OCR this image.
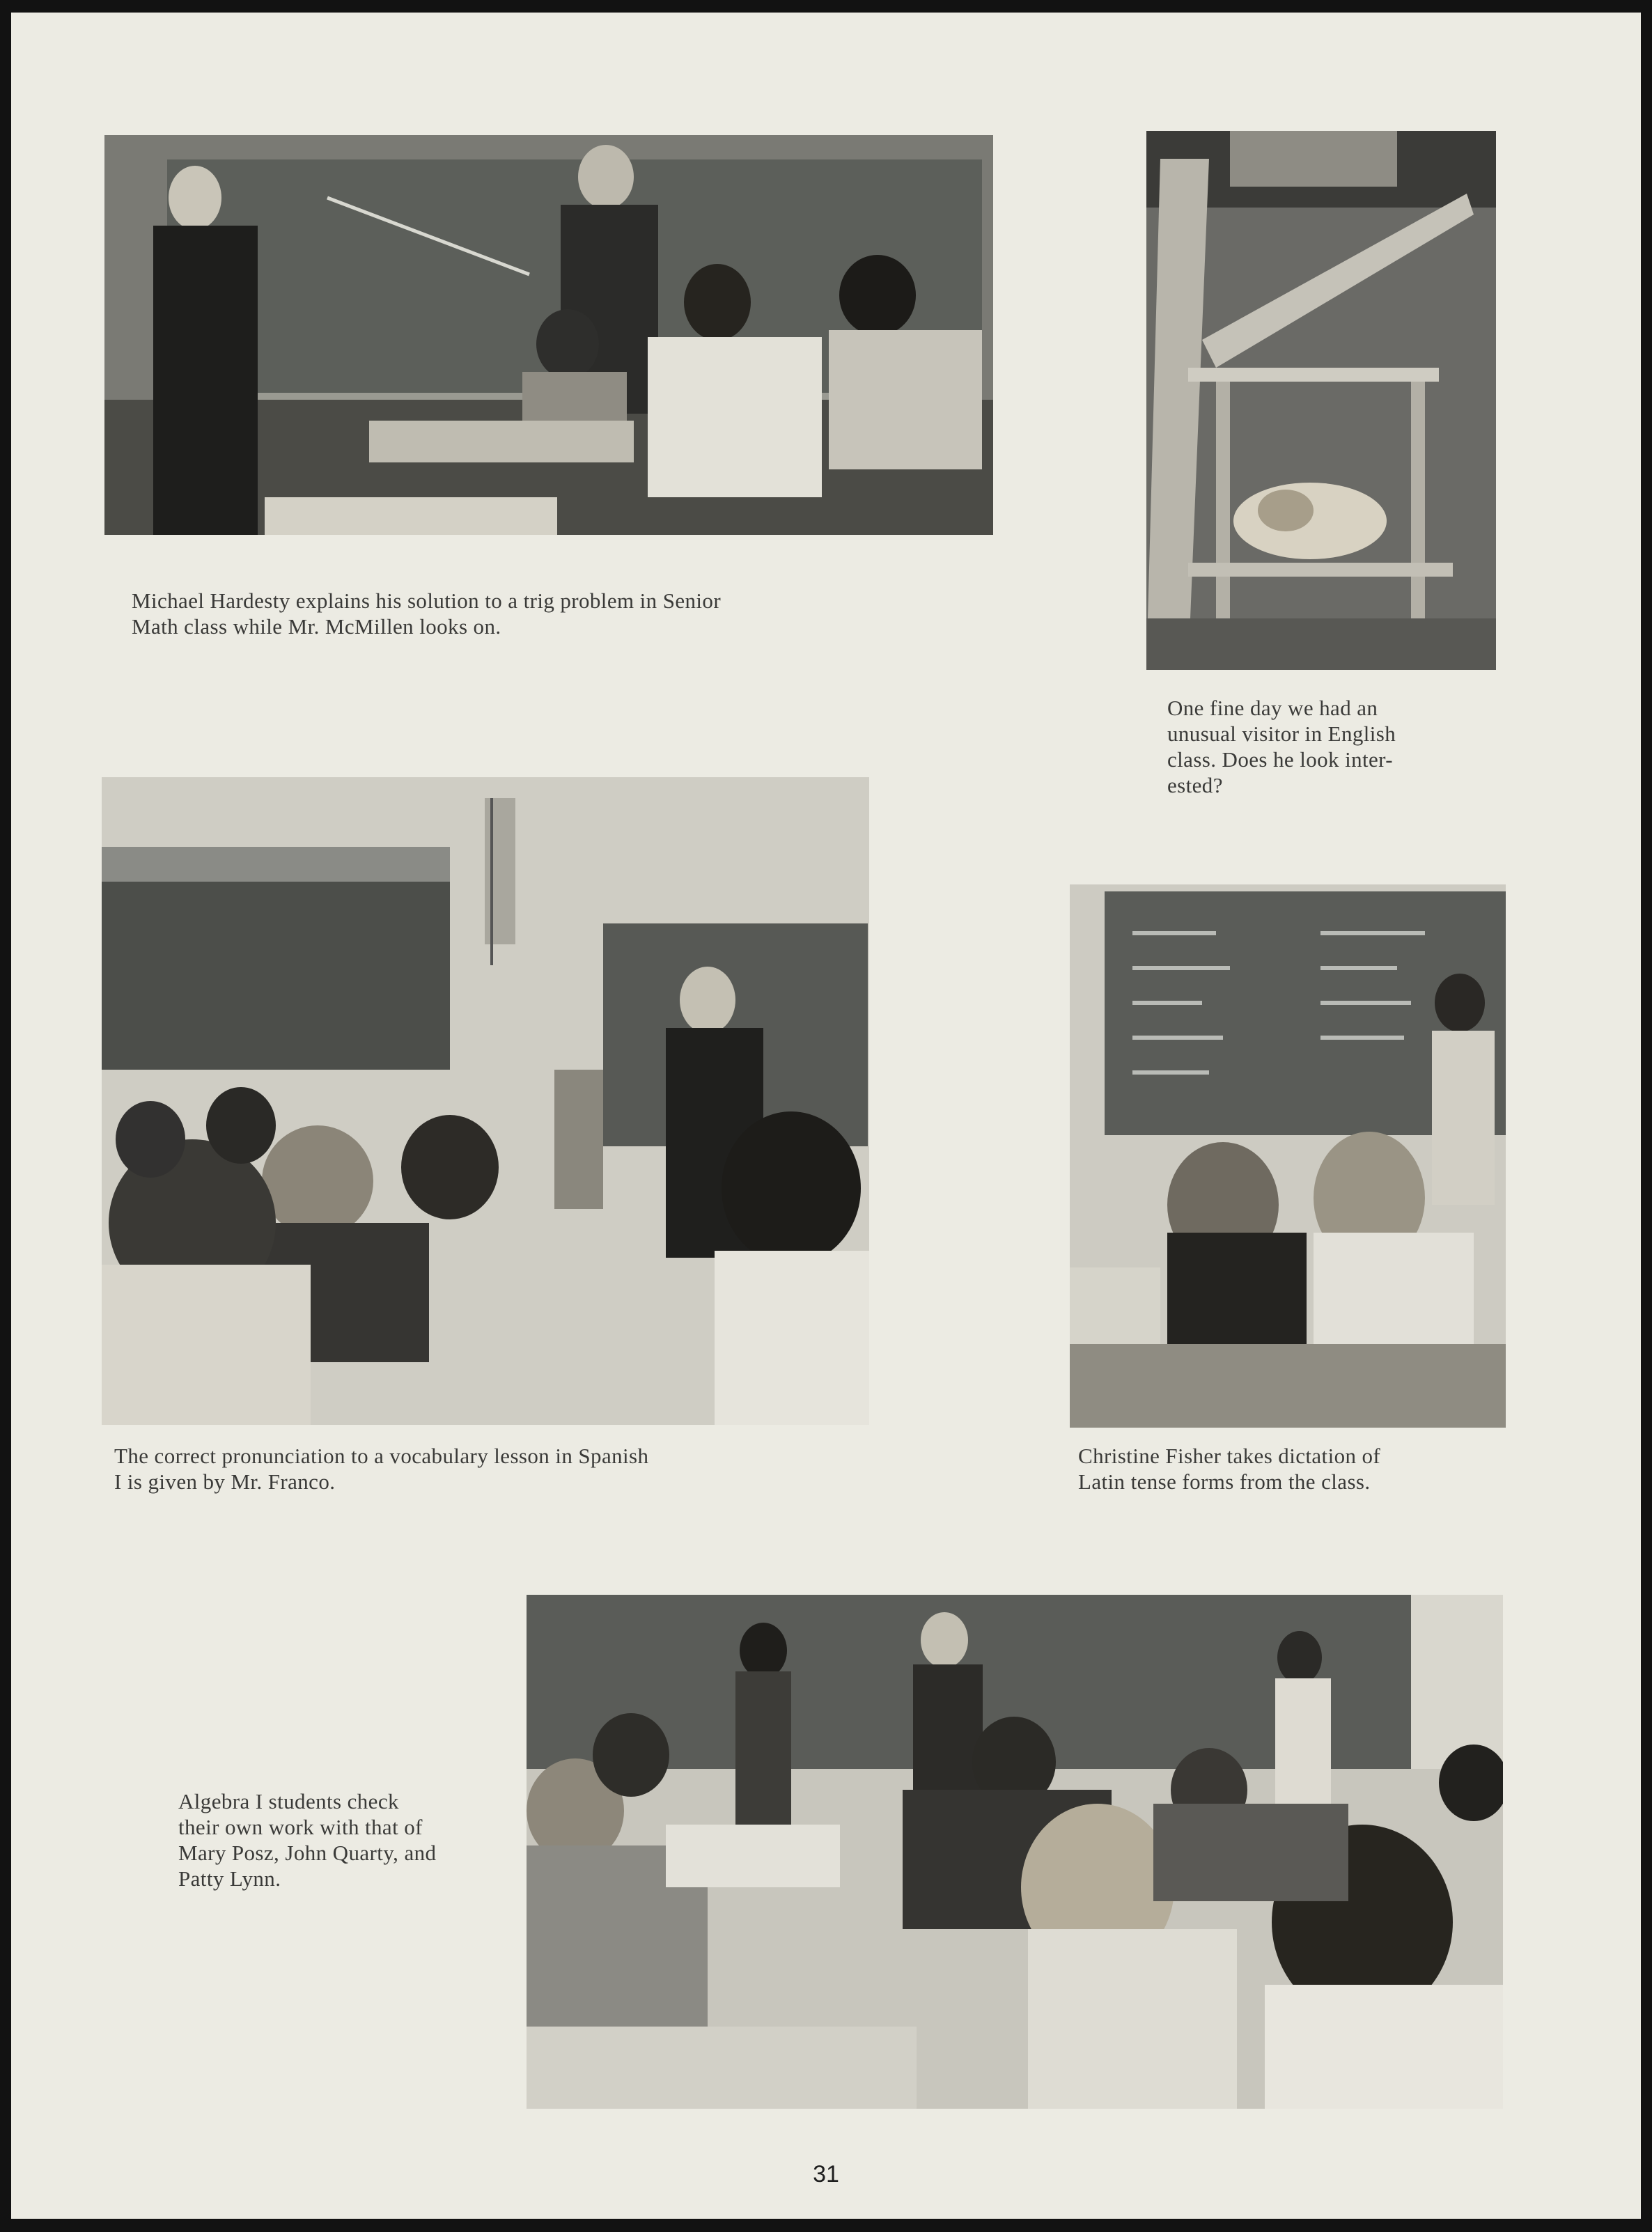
Michael Hardesty explains his solution to a trig problem in Senior
Math class while Mr. McMillen looks on.

One fine day we had an
unusual visitor in English
class. Does he look inter-
ested?

The correct pronunciation to a vocabulary lesson in Spanish
I is given by Mr. Franco.

Christine Fisher takes dictation of
Latin tense forms from the class.

Algebra I students check
their own work with that of
Mary Posz, John Quarty, and
Patty Lynn.

31
